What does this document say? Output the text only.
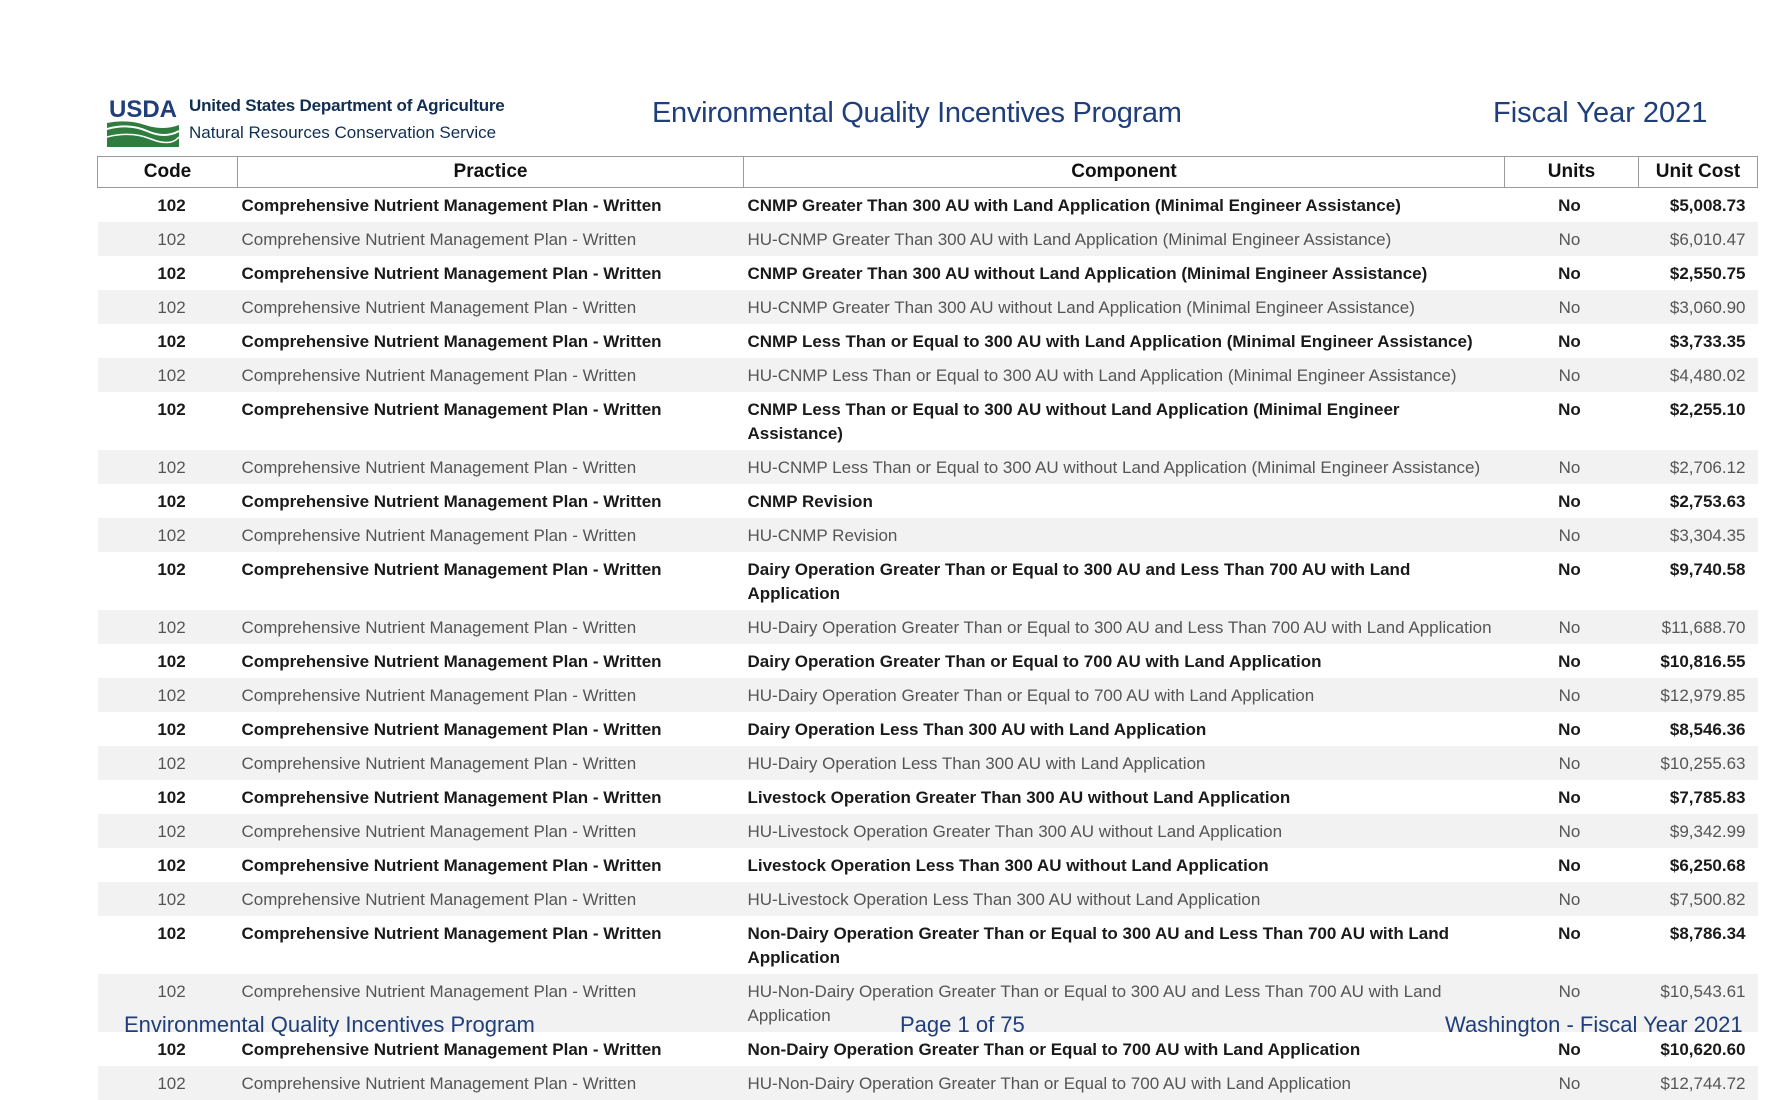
USDA United States Department of Agriculture
Natural Resources Conservation Service
Environmental Quality Incentives Program	Fiscal Year 2021
Code	Practice	Component	Units	Unit Cost
102	Comprehensive Nutrient Management Plan - Written	CNMP Greater Than 300 AU with Land Application (Minimal Engineer Assistance)	No	$5,008.73
102	Comprehensive Nutrient Management Plan - Written	HU-CNMP Greater Than 300 AU with Land Application (Minimal Engineer Assistance)	No	$6,010.47
102	Comprehensive Nutrient Management Plan - Written	CNMP Greater Than 300 AU without Land Application (Minimal Engineer Assistance)	No	$2,550.75
102	Comprehensive Nutrient Management Plan - Written	HU-CNMP Greater Than 300 AU without Land Application (Minimal Engineer Assistance)	No	$3,060.90
102	Comprehensive Nutrient Management Plan - Written	CNMP Less Than or Equal to 300 AU with Land Application (Minimal Engineer Assistance)	No	$3,733.35
102	Comprehensive Nutrient Management Plan - Written	HU-CNMP Less Than or Equal to 300 AU with Land Application (Minimal Engineer Assistance)	No	$4,480.02
102	Comprehensive Nutrient Management Plan - Written	CNMP Less Than or Equal to 300 AU without Land Application (Minimal Engineer Assistance)	No	$2,255.10
102	Comprehensive Nutrient Management Plan - Written	HU-CNMP Less Than or Equal to 300 AU without Land Application (Minimal Engineer Assistance)	No	$2,706.12
102	Comprehensive Nutrient Management Plan - Written	CNMP Revision	No	$2,753.63
102	Comprehensive Nutrient Management Plan - Written	HU-CNMP Revision	No	$3,304.35
102	Comprehensive Nutrient Management Plan - Written	Dairy Operation Greater Than or Equal to 300 AU and Less Than 700 AU with Land Application	No	$9,740.58
102	Comprehensive Nutrient Management Plan - Written	HU-Dairy Operation Greater Than or Equal to 300 AU and Less Than 700 AU with Land Application	No	$11,688.70
102	Comprehensive Nutrient Management Plan - Written	Dairy Operation Greater Than or Equal to 700 AU with Land Application	No	$10,816.55
102	Comprehensive Nutrient Management Plan - Written	HU-Dairy Operation Greater Than or Equal to 700 AU with Land Application	No	$12,979.85
102	Comprehensive Nutrient Management Plan - Written	Dairy Operation Less Than 300 AU with Land Application	No	$8,546.36
102	Comprehensive Nutrient Management Plan - Written	HU-Dairy Operation Less Than 300 AU with Land Application	No	$10,255.63
102	Comprehensive Nutrient Management Plan - Written	Livestock Operation Greater Than 300 AU without Land Application	No	$7,785.83
102	Comprehensive Nutrient Management Plan - Written	HU-Livestock Operation Greater Than 300 AU without Land Application	No	$9,342.99
102	Comprehensive Nutrient Management Plan - Written	Livestock Operation Less Than 300 AU without Land Application	No	$6,250.68
102	Comprehensive Nutrient Management Plan - Written	HU-Livestock Operation Less Than 300 AU without Land Application	No	$7,500.82
102	Comprehensive Nutrient Management Plan - Written	Non-Dairy Operation Greater Than or Equal to 300 AU and Less Than 700 AU with Land Application	No	$8,786.34
102	Comprehensive Nutrient Management Plan - Written	HU-Non-Dairy Operation Greater Than or Equal to 300 AU and Less Than 700 AU with Land Application	No	$10,543.61
102	Comprehensive Nutrient Management Plan - Written	Non-Dairy Operation Greater Than or Equal to 700 AU with Land Application	No	$10,620.60
102	Comprehensive Nutrient Management Plan - Written	HU-Non-Dairy Operation Greater Than or Equal to 700 AU with Land Application	No	$12,744.72
Environmental Quality Incentives Program	Page 1 of 75	Washington - Fiscal Year 2021
